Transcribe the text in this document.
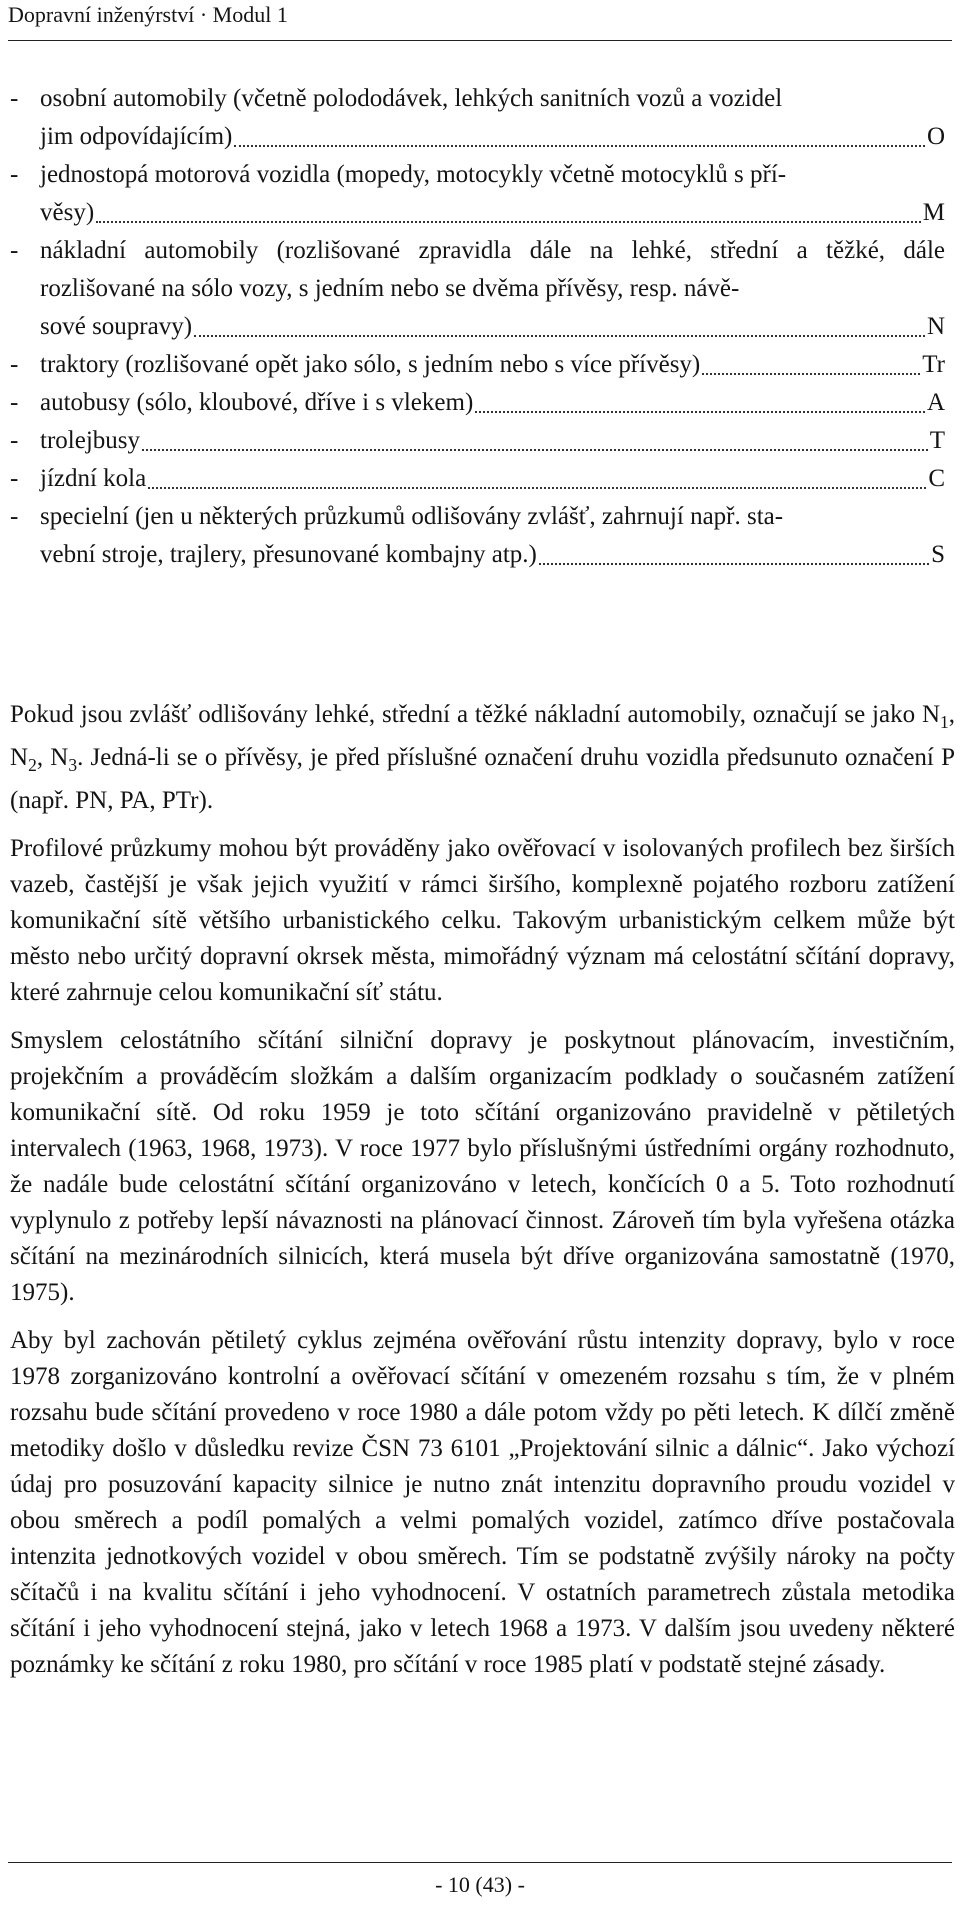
Dopravní inženýrství · Modul 1
- osobní automobily (včetně polododávek, lehkých sanitních vozů a vozidel
jim odpovídajícím)	O
- jednostopá motorová vozidla (mopedy, motocykly včetně motocyklů s pří-
věsy)	M
- nákladní automobily (rozlišované zpravidla dále na lehké, střední a těžké, dále rozlišované na sólo vozy, s jedním nebo se dvěma přívěsy, resp. návě-
sové soupravy)	N
- traktory (rozlišované opět jako sólo, s jedním nebo s více přívěsy)	Tr
- autobusy (sólo, kloubové, dříve i s vlekem)	A
- trolejbusy	T
- jízdní kola	C
- specielní (jen u některých průzkumů odlišovány zvlášť, zahrnují např. sta-
vební stroje, trajlery, přesunované kombajny atp.)	S

Pokud jsou zvlášť odlišovány lehké, střední a těžké nákladní automobily, označují se jako $N_1$, $N_2$, $N_3$. Jedná-li se o přívěsy, je před příslušné označení druhu vozidla předsunuto označení P (např. PN, PA, PTr).

Profilové průzkumy mohou být prováděny jako ověřovací v isolovaných profilech bez širších vazeb, častější je však jejich využití v rámci širšího, komplexně pojatého rozboru zatížení komunikační sítě většího urbanistického celku. Takovým urbanistickým celkem může být město nebo určitý dopravní okrsek města, mimořádný význam má celostátní sčítání dopravy, které zahrnuje celou komunikační síť státu.

Smyslem celostátního sčítání silniční dopravy je poskytnout plánovacím, investičním, projekčním a prováděcím složkám a dalším organizacím podklady o současném zatížení komunikační sítě. Od roku 1959 je toto sčítání organizováno pravidelně v pětiletých intervalech (1963, 1968, 1973). V roce 1977 bylo příslušnými ústředními orgány rozhodnuto, že nadále bude celostátní sčítání organizováno v letech, končících 0 a 5. Toto rozhodnutí vyplynulo z potřeby lepší návaznosti na plánovací činnost. Zároveň tím byla vyřešena otázka sčítání na mezinárodních silnicích, která musela být dříve organizována samostatně (1970, 1975).

Aby byl zachován pětiletý cyklus zejména ověřování růstu intenzity dopravy, bylo v roce 1978 zorganizováno kontrolní a ověřovací sčítání v omezeném rozsahu s tím, že v plném rozsahu bude sčítání provedeno v roce 1980 a dále potom vždy po pěti letech. K dílčí změně metodiky došlo v důsledku revize ČSN 73 6101 „Projektování silnic a dálnic“. Jako výchozí údaj pro posuzování kapacity silnice je nutno znát intenzitu dopravního proudu vozidel v obou směrech a podíl pomalých a velmi pomalých vozidel, zatímco dříve postačovala intenzita jednotkových vozidel v obou směrech. Tím se podstatně zvýšily nároky na počty sčítačů i na kvalitu sčítání i jeho vyhodnocení. V ostatních parametrech zůstala metodika sčítání i jeho vyhodnocení stejná, jako v letech 1968 a 1973. V dalším jsou uvedeny některé poznámky ke sčítání z roku 1980, pro sčítání v roce 1985 platí v podstatě stejné zásady.

- 10 (43) -
